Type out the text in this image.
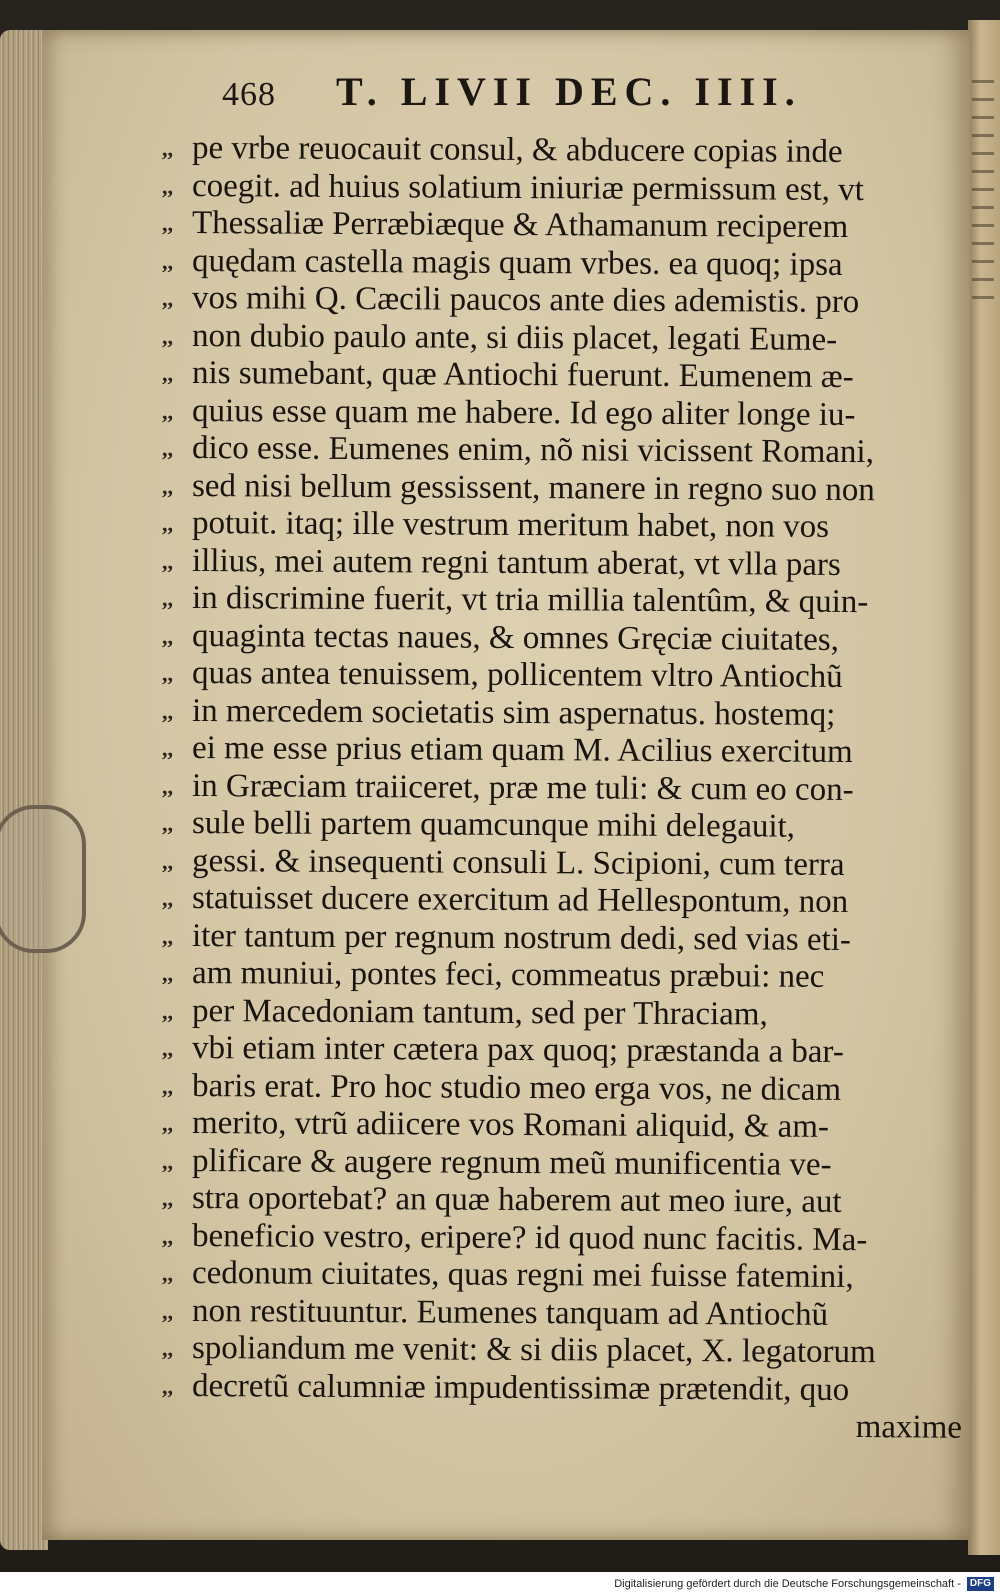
468 T. LIVII DEC. IIII.
,, pe vrbe reuocauit consul, & abducere copias inde
,, coegit. ad huius solatium iniuriæ permissum est, vt
,, Thessaliæ Perræbiæque & Athamanum reciperem
,, quędam castella magis quam vrbes. ea quoq; ipsa
,, vos mihi Q. Cæcili paucos ante dies ademistis. pro
,, non dubio paulo ante, si diis placet, legati Eume-
,, nis sumebant, quæ Antiochi fuerunt. Eumenem æ-
,, quius esse quam me habere. Id ego aliter longe iu-
,, dico esse. Eumenes enim, nõ nisi vicissent Romani,
,, sed nisi bellum gessissent, manere in regno suo non
,, potuit. itaq; ille vestrum meritum habet, non vos
,, illius, mei autem regni tantum aberat, vt vlla pars
,, in discrimine fuerit, vt tria millia talentûm, & quin-
,, quaginta tectas naues, & omnes Gręciæ ciuitates,
,, quas antea tenuissem, pollicentem vltro Antiochũ
,, in mercedem societatis sim aspernatus. hostemq;
,, ei me esse prius etiam quam M. Acilius exercitum
,, in Græciam traiiceret, præ me tuli: & cum eo con-
,, sule belli partem quamcunque mihi delegauit,
,, gessi. & insequenti consuli L. Scipioni, cum terra
,, statuisset ducere exercitum ad Hellespontum, non
,, iter tantum per regnum nostrum dedi, sed vias eti-
,, am muniui, pontes feci, commeatus præbui: nec
,, per Macedoniam tantum, sed per Thraciam,
,, vbi etiam inter cætera pax quoq; præstanda a bar-
,, baris erat. Pro hoc studio meo erga vos, ne dicam
,, merito, vtrũ adiicere vos Romani aliquid, & am-
,, plificare & augere regnum meũ munificentia ve-
,, stra oportebat? an quæ haberem aut meo iure, aut
,, beneficio vestro, eripere? id quod nunc facitis. Ma-
,, cedonum ciuitates, quas regni mei fuisse fatemini,
,, non restituuntur. Eumenes tanquam ad Antiochũ
,, spoliandum me venit: & si diis placet, X. legatorum
,, decretũ calumniæ impudentissimæ prætendit, quo
maxime
Digitalisierung gefördert durch die Deutsche Forschungsgemeinschaft - DFG
